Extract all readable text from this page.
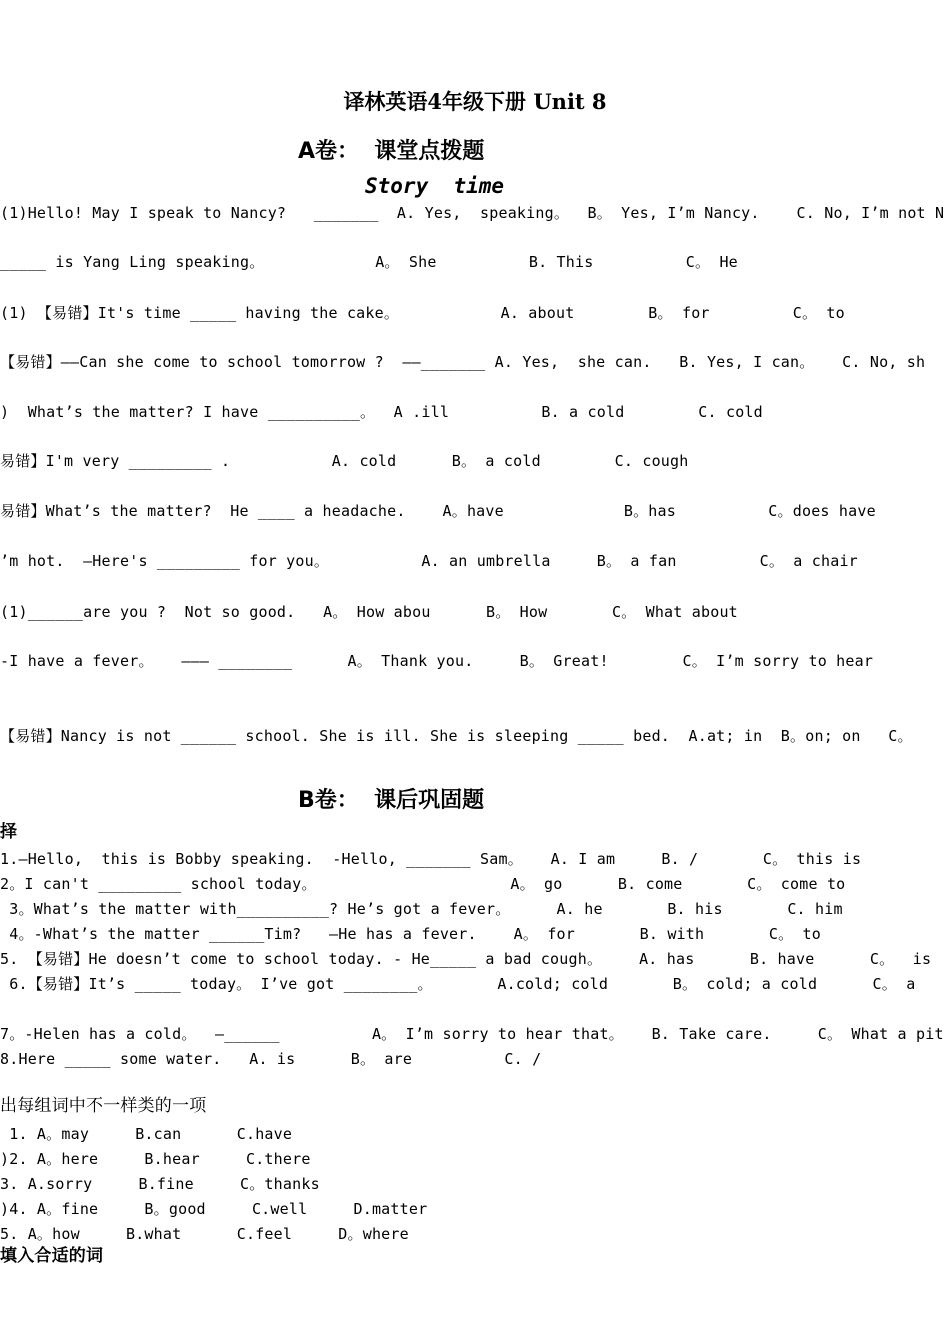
译林英语4年级下册 Unit 8
A卷：  课堂点拨题
Story  time
(1)Hello! May I speak to Nancy?   _______  A. Yes,  speaking。  B。 Yes, I’m Nancy.    C. No, I’m not N
_____ is Yang Ling speaking。            A。 She          B. This          C。 He
(1) 【易错】It's time _____ having the cake。           A. about        B。 for         C。 to
【易错】——Can she come to school tomorrow ?  ——_______ A. Yes,  she can.   B. Yes, I can。   C. No, sh
)  What’s the matter? I have __________。  A .ill          B. a cold        C. cold
易错】I'm very _________ .           A. cold      B。 a cold        C. cough
易错】What’s the matter?  He ____ a headache.    A。have             B。has          C。does have
’m hot.  —Here's _________ for you。          A. an umbrella     B。 a fan         C。 a chair
(1)______are you ?  Not so good.   A。 How abou      B。 How       C。 What about
-I have a fever。   ——— ________      A。 Thank you.     B。 Great!        C。 I’m sorry to hear
【易错】Nancy is not ______ school. She is ill. She is sleeping _____ bed.  A.at; in  B。on; on   C。
B卷：  课后巩固题
择
1.—Hello,  this is Bobby speaking.  -Hello, _______ Sam。   A. I am     B. /       C。 this is
2。I can't _________ school today。                     A。 go      B. come       C。 come to
3。What’s the matter with__________? He’s got a fever。     A. he       B. his       C. him
4。-What’s the matter ______Tim?   —He has a fever.    A。 for       B. with       C。 to
5. 【易错】He doesn’t come to school today. - He_____ a bad cough。    A. has      B. have      C。  is
6.【易错】It’s _____ today。 I’ve got ________。       A.cold; cold       B。 cold; a cold      C。 a
7。-Helen has a cold。  —______          A。 I’m sorry to hear that。   B. Take care.     C。 What a pit
8.Here _____ some water.   A. is      B。 are          C. /
出每组词中不一样类的一项
1. A。may     B.can      C.have
)2. A。here     B.hear     C.there
3. A.sorry     B.fine     C。thanks
)4. A。fine     B。good     C.well     D.matter
5. A。how     B.what      C.feel     D。where
填入合适的词
